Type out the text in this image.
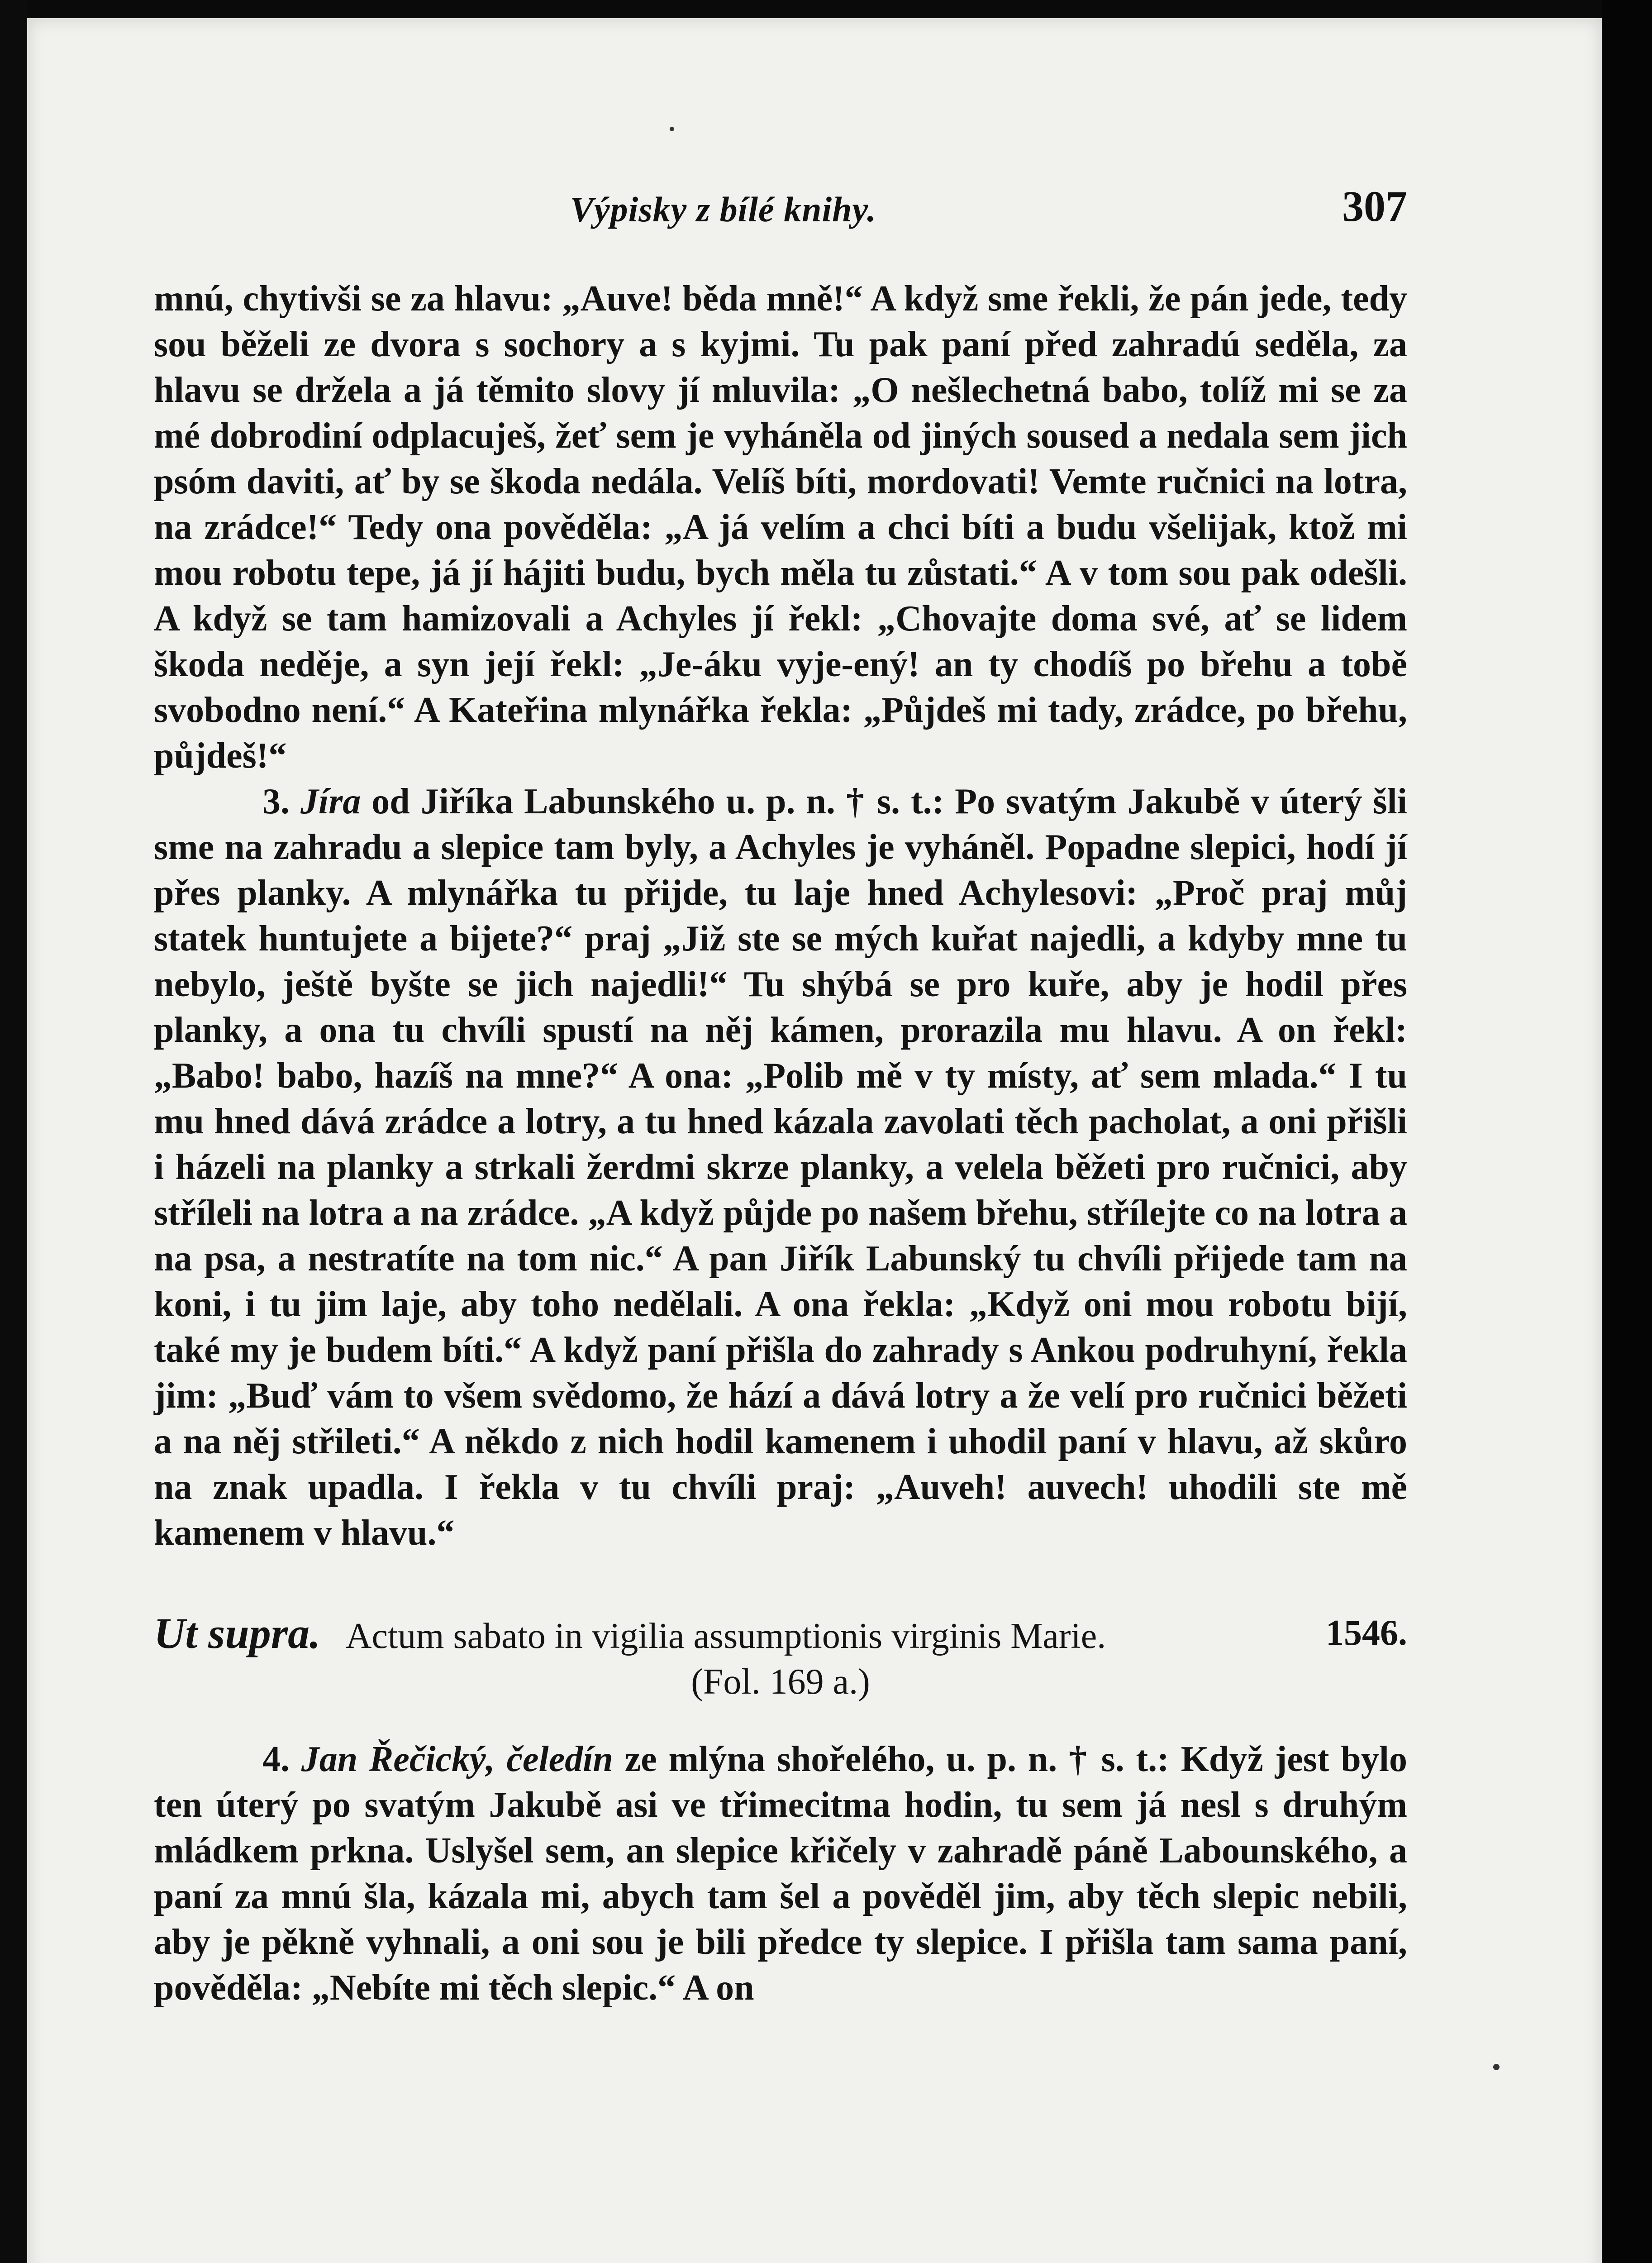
Výpisky z bílé knihy.	307

mnú, chytivši se za hlavu: „Auve! běda mně!“ A když sme řekli, že pán jede, tedy sou běželi ze dvora s sochory a s kyjmi. Tu pak paní před zahradú seděla, za hlavu se držela a já těmito slovy jí mluvila: „O nešlechetná babo, tolíž mi se za mé dobrodiní odplacuješ, žeť sem je vyháněla od jiných soused a nedala sem jich psóm daviti, ať by se škoda nedála. Velíš bíti, mordovati! Vemte ručnici na lotra, na zrádce!“ Tedy ona pověděla: „A já velím a chci bíti a budu všelijak, ktož mi mou robotu tepe, já jí hájiti budu, bych měla tu zůstati.“ A v tom sou pak odešli. A když se tam hamizovali a Achyles jí řekl: „Chovajte doma své, ať se lidem škoda neděje, a syn její řekl: „Je-áku vyje-ený! an ty chodíš po břehu a tobě svobodno není.“ A Kateřina mlynářka řekla: „Půjdeš mi tady, zrádce, po břehu, půjdeš!“

3. Jíra od Jiříka Labunského u. p. n. † s. t.: Po svatým Jakubě v úterý šli sme na zahradu a slepice tam byly, a Achyles je vyháněl. Popadne slepici, hodí jí přes planky. A mlynářka tu přijde, tu laje hned Achylesovi: „Proč praj můj statek huntujete a bijete?“ praj „Již ste se mých kuřat najedli, a kdyby mne tu nebylo, ještě byšte se jich najedli!“ Tu shýbá se pro kuře, aby je hodil přes planky, a ona tu chvíli spustí na něj kámen, prorazila mu hlavu. A on řekl: „Babo! babo, hazíš na mne?“ A ona: „Polib mě v ty místy, ať sem mlada.“ I tu mu hned dává zrádce a lotry, a tu hned kázala zavolati těch pacholat, a oni přišli i házeli na planky a strkali žerdmi skrze planky, a velela běžeti pro ručnici, aby stříleli na lotra a na zrádce. „A když půjde po našem břehu, střílejte co na lotra a na psa, a nestratíte na tom nic.“ A pan Jiřík Labunský tu chvíli přijede tam na koni, i tu jim laje, aby toho nedělali. A ona řekla: „Když oni mou robotu bijí, také my je budem bíti.“ A když paní přišla do zahrady s Ankou podruhyní, řekla jim: „Buď vám to všem svědomo, že hází a dává lotry a že velí pro ručnici běžeti a na něj střileti.“ A někdo z nich hodil kamenem i uhodil paní v hlavu, až skůro na znak upadla. I řekla v tu chvíli praj: „Auveh! auvech! uhodili ste mě kamenem v hlavu.“

Ut supra. Actum sabato in vigilia assumptionis virginis Marie.	1546.

(Fol. 169 a.)

4. Jan Řečický, čeledín ze mlýna shořelého, u. p. n. † s. t.: Když jest bylo ten úterý po svatým Jakubě asi ve třimecitma hodin, tu sem já nesl s druhým mládkem prkna. Uslyšel sem, an slepice křičely v zahradě páně Labounského, a paní za mnú šla, kázala mi, abych tam šel a pověděl jim, aby těch slepic nebili, aby je pěkně vyhnali, a oni sou je bili předce ty slepice. I přišla tam sama paní, pověděla: „Nebíte mi těch slepic.“ A on
